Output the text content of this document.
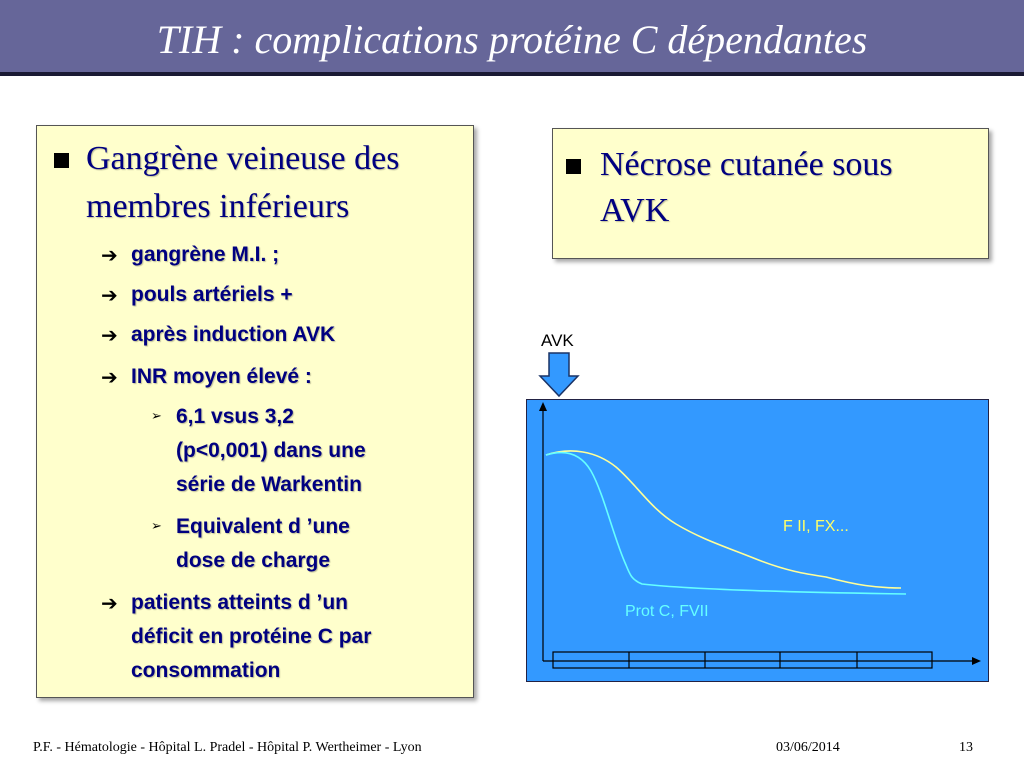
TIH : complications protéine C dépendantes
Gangrène veineuse des
membres inférieurs
➔ gangrène M.I. ;
➔ pouls artériels +
➔ après induction AVK
➔ INR moyen élevé :
➢ 6,1 vsus 3,2
(p<0,001) dans une
série de Warkentin
➢ Equivalent d ’une
dose de charge
➔ patients atteints d ’un
déficit en protéine C par
consommation
Nécrose cutanée sous
AVK
AVK
F II, FX...
Prot C, FVII
P.F. - Hématologie - Hôpital L. Pradel - Hôpital P. Wertheimer - Lyon	03/06/2014	13
